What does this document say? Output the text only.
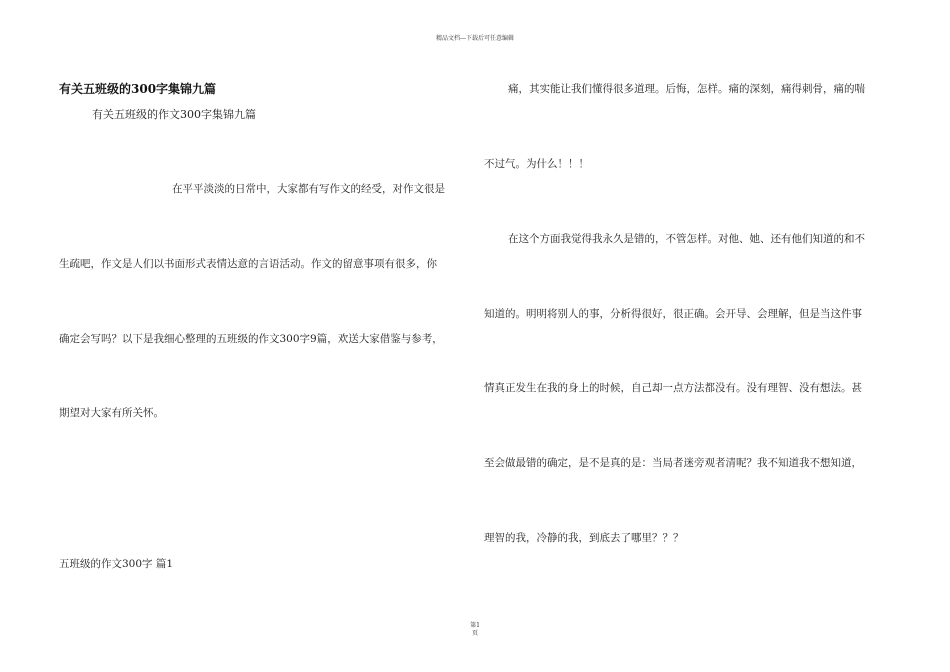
精品文档---下载后可任意编辑
有关五班级的300字集锦九篇
有关五班级的作文300字集锦九篇
在平平淡淡的日常中，大家都有写作文的经受，对作文很是
生疏吧，作文是人们以书面形式表情达意的言语活动。作文的留意事项有很多，你
确定会写吗？以下是我细心整理的五班级的作文300字9篇，欢送大家借鉴与参考，
期望对大家有所关怀。
五班级的作文300字 篇1
痛，其实能让我们懂得很多道理。后悔，怎样。痛的深刻，痛得刺骨，痛的喘
不过气。为什么！！！
在这个方面我觉得我永久是错的，不管怎样。对他、她、还有他们知道的和不
知道的。明明将别人的事，分析得很好，很正确。会开导、会理解，但是当这件事
情真正发生在我的身上的时候，自己却一点方法都没有。没有理智、没有想法。甚
至会做最错的确定，是不是真的是：当局者迷旁观者清呢？我不知道我不想知道，
理智的我，冷静的我，到底去了哪里？？？
第1
页
